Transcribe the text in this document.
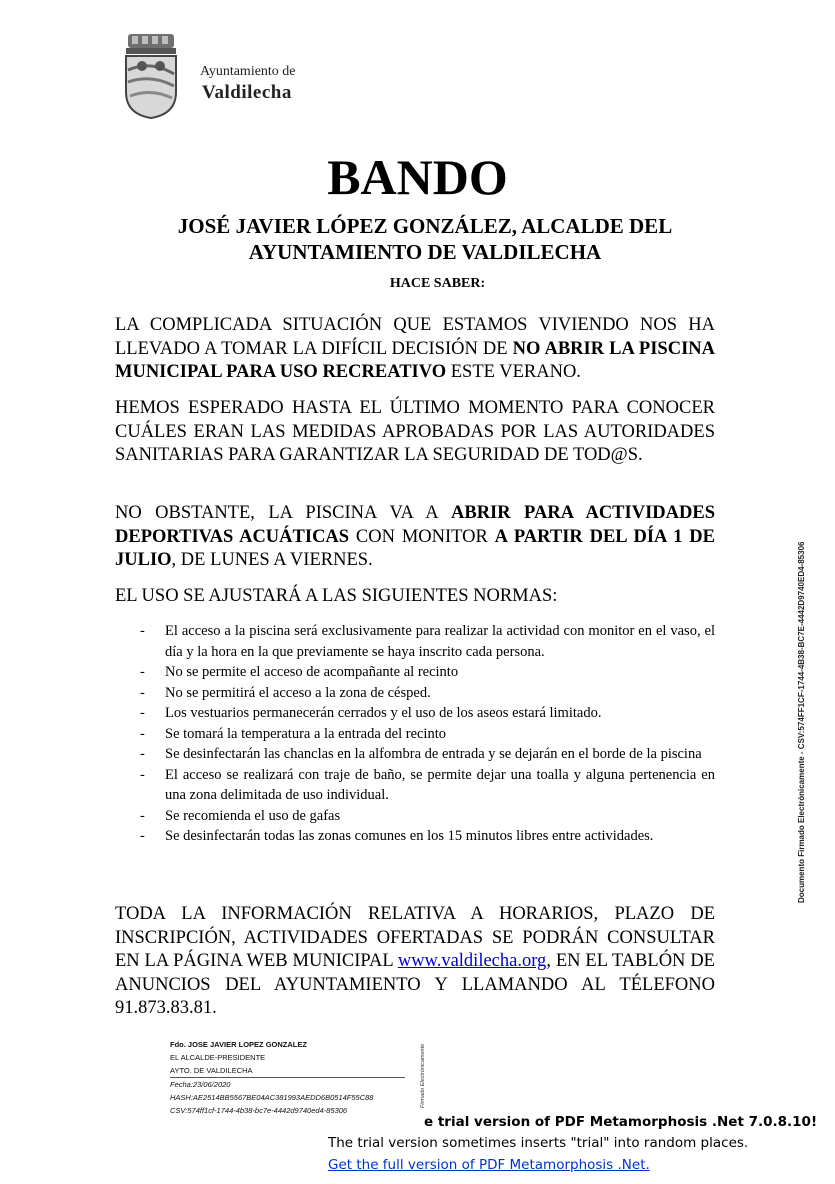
Ayuntamiento de
Valdilecha
BANDO
JOSÉ JAVIER LÓPEZ GONZÁLEZ, ALCALDE DEL
AYUNTAMIENTO DE VALDILECHA
HACE SABER:
LA COMPLICADA SITUACIÓN QUE ESTAMOS VIVIENDO NOS HA LLEVADO A TOMAR LA DIFÍCIL DECISIÓN DE NO ABRIR LA PISCINA MUNICIPAL PARA USO RECREATIVO ESTE VERANO.
HEMOS ESPERADO HASTA EL ÚLTIMO MOMENTO PARA CONOCER CUÁLES ERAN LAS MEDIDAS APROBADAS POR LAS AUTORIDADES SANITARIAS PARA GARANTIZAR LA SEGURIDAD DE TOD@S.
NO OBSTANTE, LA PISCINA VA A ABRIR PARA ACTIVIDADES DEPORTIVAS ACUÁTICAS CON MONITOR A PARTIR DEL DÍA 1 DE JULIO, DE LUNES A VIERNES.
EL USO SE AJUSTARÁ A LAS SIGUIENTES NORMAS:
- El acceso a la piscina será exclusivamente para realizar la actividad con monitor en el vaso, el día y la hora en la que previamente se haya inscrito cada persona.
- No se permite el acceso de acompañante al recinto
- No se permitirá el acceso a la zona de césped.
- Los vestuarios permanecerán cerrados y el uso de los aseos estará limitado.
- Se tomará la temperatura a la entrada del recinto
- Se desinfectarán las chanclas en la alfombra de entrada y se dejarán en el borde de la piscina
- El acceso se realizará con traje de baño, se permite dejar una toalla y alguna pertenencia en una zona delimitada de uso individual.
- Se recomienda el uso de gafas
- Se desinfectarán todas las zonas comunes en los 15 minutos libres entre actividades.
TODA LA INFORMACIÓN RELATIVA A HORARIOS, PLAZO DE INSCRIPCIÓN, ACTIVIDADES OFERTADAS SE PODRÁN CONSULTAR EN LA PÁGINA WEB MUNICIPAL www.valdilecha.org, EN EL TABLÓN DE ANUNCIOS DEL AYUNTAMIENTO Y LLAMANDO AL TÉLEFONO 91.873.83.81.
Documento Firmado Electrónicamente - CSV:574FF1CF-1744-4B38-BC7E-4442D9740ED4-85306
Fdo. JOSE JAVIER LOPEZ GONZALEZ
EL ALCALDE-PRESIDENTE
AYTO. DE VALDILECHA
Fecha:23/06/2020
HASH:AE2514BB5567BE04AC381993AEDD6B0514F55C88
CSV:574ff1cf-1744-4b38-bc7e-4442d9740ed4-85306
Firmado Electrónicamente
e trial version of PDF Metamorphosis .Net 7.0.8.10!
The trial version sometimes inserts "trial" into random places.
Get the full version of PDF Metamorphosis .Net.
